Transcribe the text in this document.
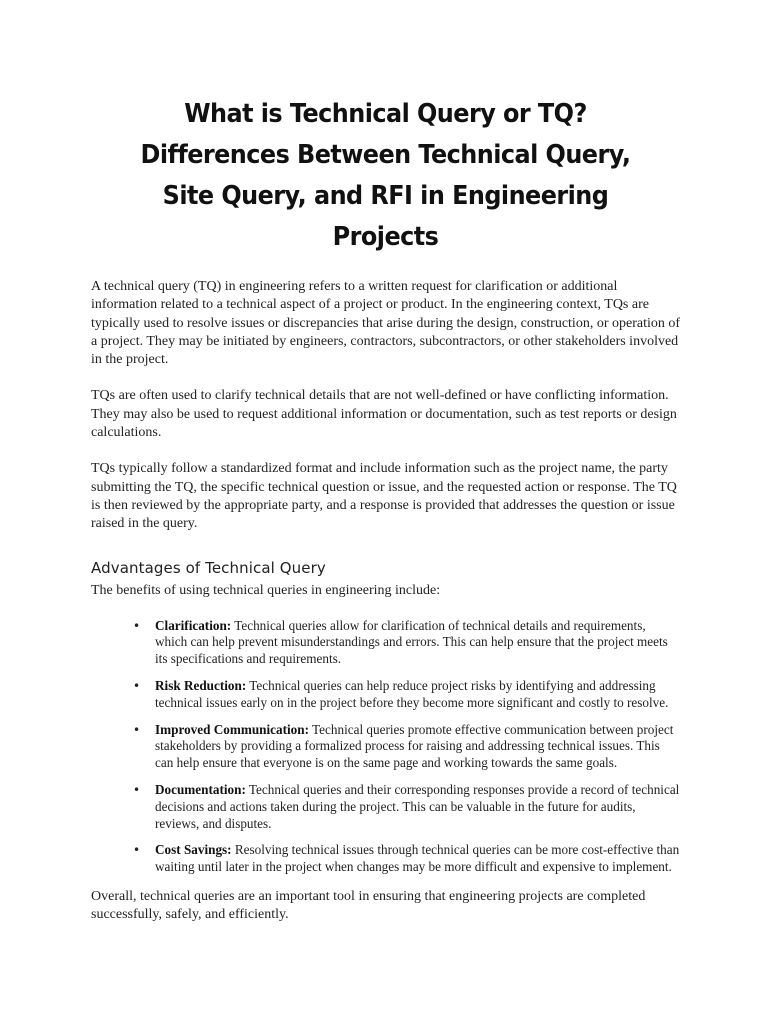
What is Technical Query or TQ? Differences Between Technical Query, Site Query, and RFI in Engineering Projects

A technical query (TQ) in engineering refers to a written request for clarification or additional information related to a technical aspect of a project or product. In the engineering context, TQs are typically used to resolve issues or discrepancies that arise during the design, construction, or operation of a project. They may be initiated by engineers, contractors, subcontractors, or other stakeholders involved in the project.

TQs are often used to clarify technical details that are not well-defined or have conflicting information. They may also be used to request additional information or documentation, such as test reports or design calculations.

TQs typically follow a standardized format and include information such as the project name, the party submitting the TQ, the specific technical question or issue, and the requested action or response. The TQ is then reviewed by the appropriate party, and a response is provided that addresses the question or issue raised in the query.

Advantages of Technical Query

The benefits of using technical queries in engineering include:

• Clarification: Technical queries allow for clarification of technical details and requirements, which can help prevent misunderstandings and errors. This can help ensure that the project meets its specifications and requirements.
• Risk Reduction: Technical queries can help reduce project risks by identifying and addressing technical issues early on in the project before they become more significant and costly to resolve.
• Improved Communication: Technical queries promote effective communication between project stakeholders by providing a formalized process for raising and addressing technical issues. This can help ensure that everyone is on the same page and working towards the same goals.
• Documentation: Technical queries and their corresponding responses provide a record of technical decisions and actions taken during the project. This can be valuable in the future for audits, reviews, and disputes.
• Cost Savings: Resolving technical issues through technical queries can be more cost-effective than waiting until later in the project when changes may be more difficult and expensive to implement.

Overall, technical queries are an important tool in ensuring that engineering projects are completed successfully, safely, and efficiently.
